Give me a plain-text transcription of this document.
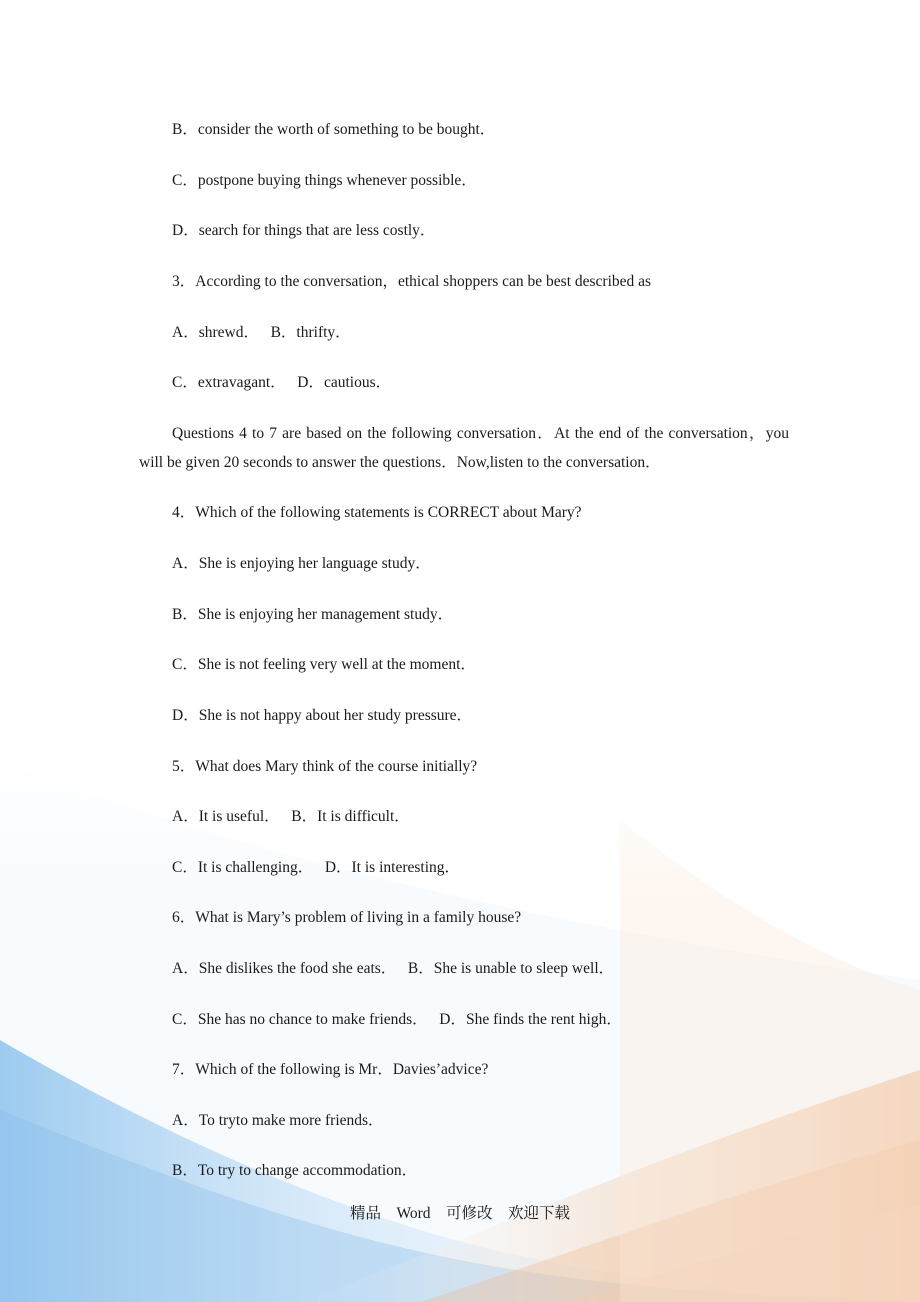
B．consider the worth of something to be bought．
C．postpone buying things whenever possible．
D．search for things that are less costly．
3．According to the conversation，ethical shoppers can be best described as
A．shrewd．   B．thrifty．
C．extravagant．   D．cautious．
Questions 4 to 7 are based on the following conversation．At the end of the conversation，you will be given 20 seconds to answer the questions．Now,listen to the conversation．
4．Which of the following statements is CORRECT about Mary?
A．She is enjoying her language study．
B．She is enjoying her management study．
C．She is not feeling very well at the moment．
D．She is not happy about her study pressure．
5．What does Mary think of the course initially?
A．It is useful．   B．It is difficult．
C．It is challenging．   D．It is interesting．
6．What is Mary’s problem of living in a family house?
A．She dislikes the food she eats．   B．She is unable to sleep well．
C．She has no chance to make friends．   D．She finds the rent high．
7．Which of the following is Mr．Davies’advice?
A．To tryto make more friends．
B．To try to change accommodation．
精品    Word    可修改    欢迎下载
